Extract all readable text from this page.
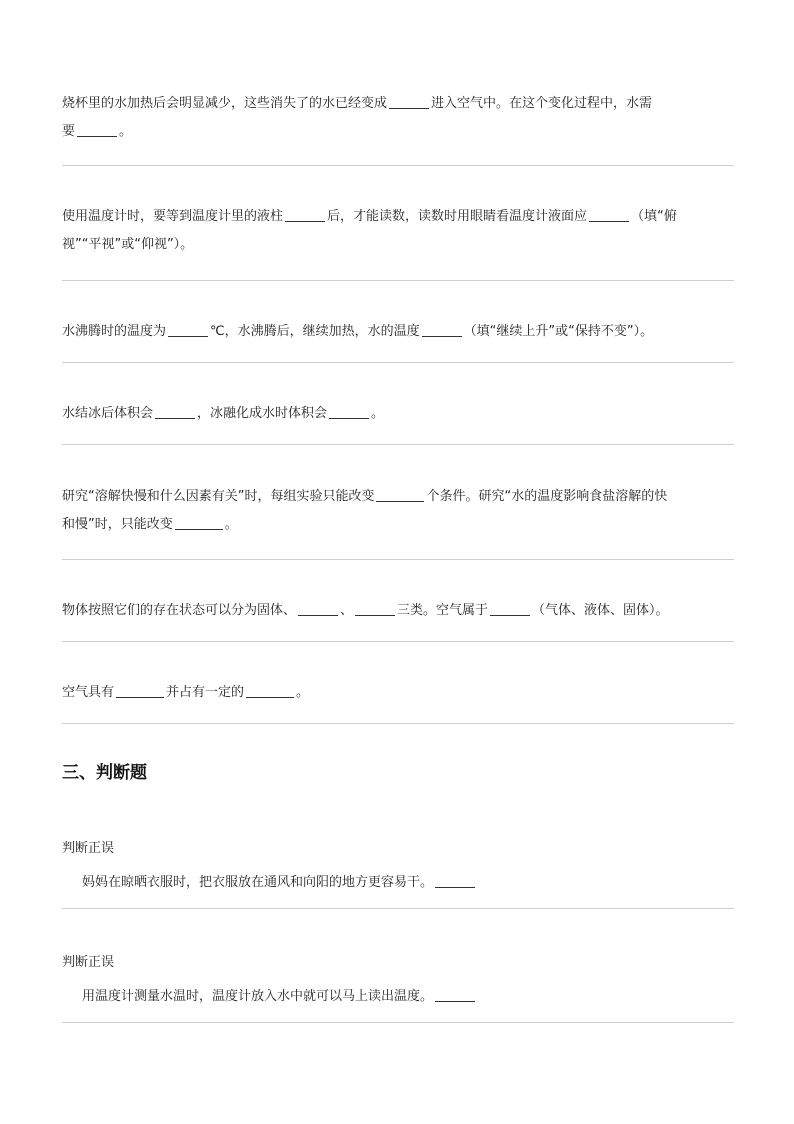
烧杯里的水加热后会明显减少，这些消失了的水已经变成	进入空气中。在这个变化过程中，水需
要	。
使用温度计时，要等到温度计里的液柱	后，才能读数，读数时用眼睛看温度计液面应	（填“俯
视”“平视”或“仰视”）。
水沸腾时的温度为	℃，水沸腾后，继续加热，水的温度	（填“继续上升”或“保持不变”）。
水结冰后体积会	，冰融化成水时体积会	。
研究“溶解快慢和什么因素有关”时，每组实验只能改变	个条件。研究“水的温度影响食盐溶解的快
和慢”时，只能改变	。
物体按照它们的存在状态可以分为固体、	、	三类。空气属于	（气体、液体、固体）。
空气具有	并占有一定的	。
三、判断题
判断正误
妈妈在晾晒衣服时，把衣服放在通风和向阳的地方更容易干。
判断正误
用温度计测量水温时，温度计放入水中就可以马上读出温度。
